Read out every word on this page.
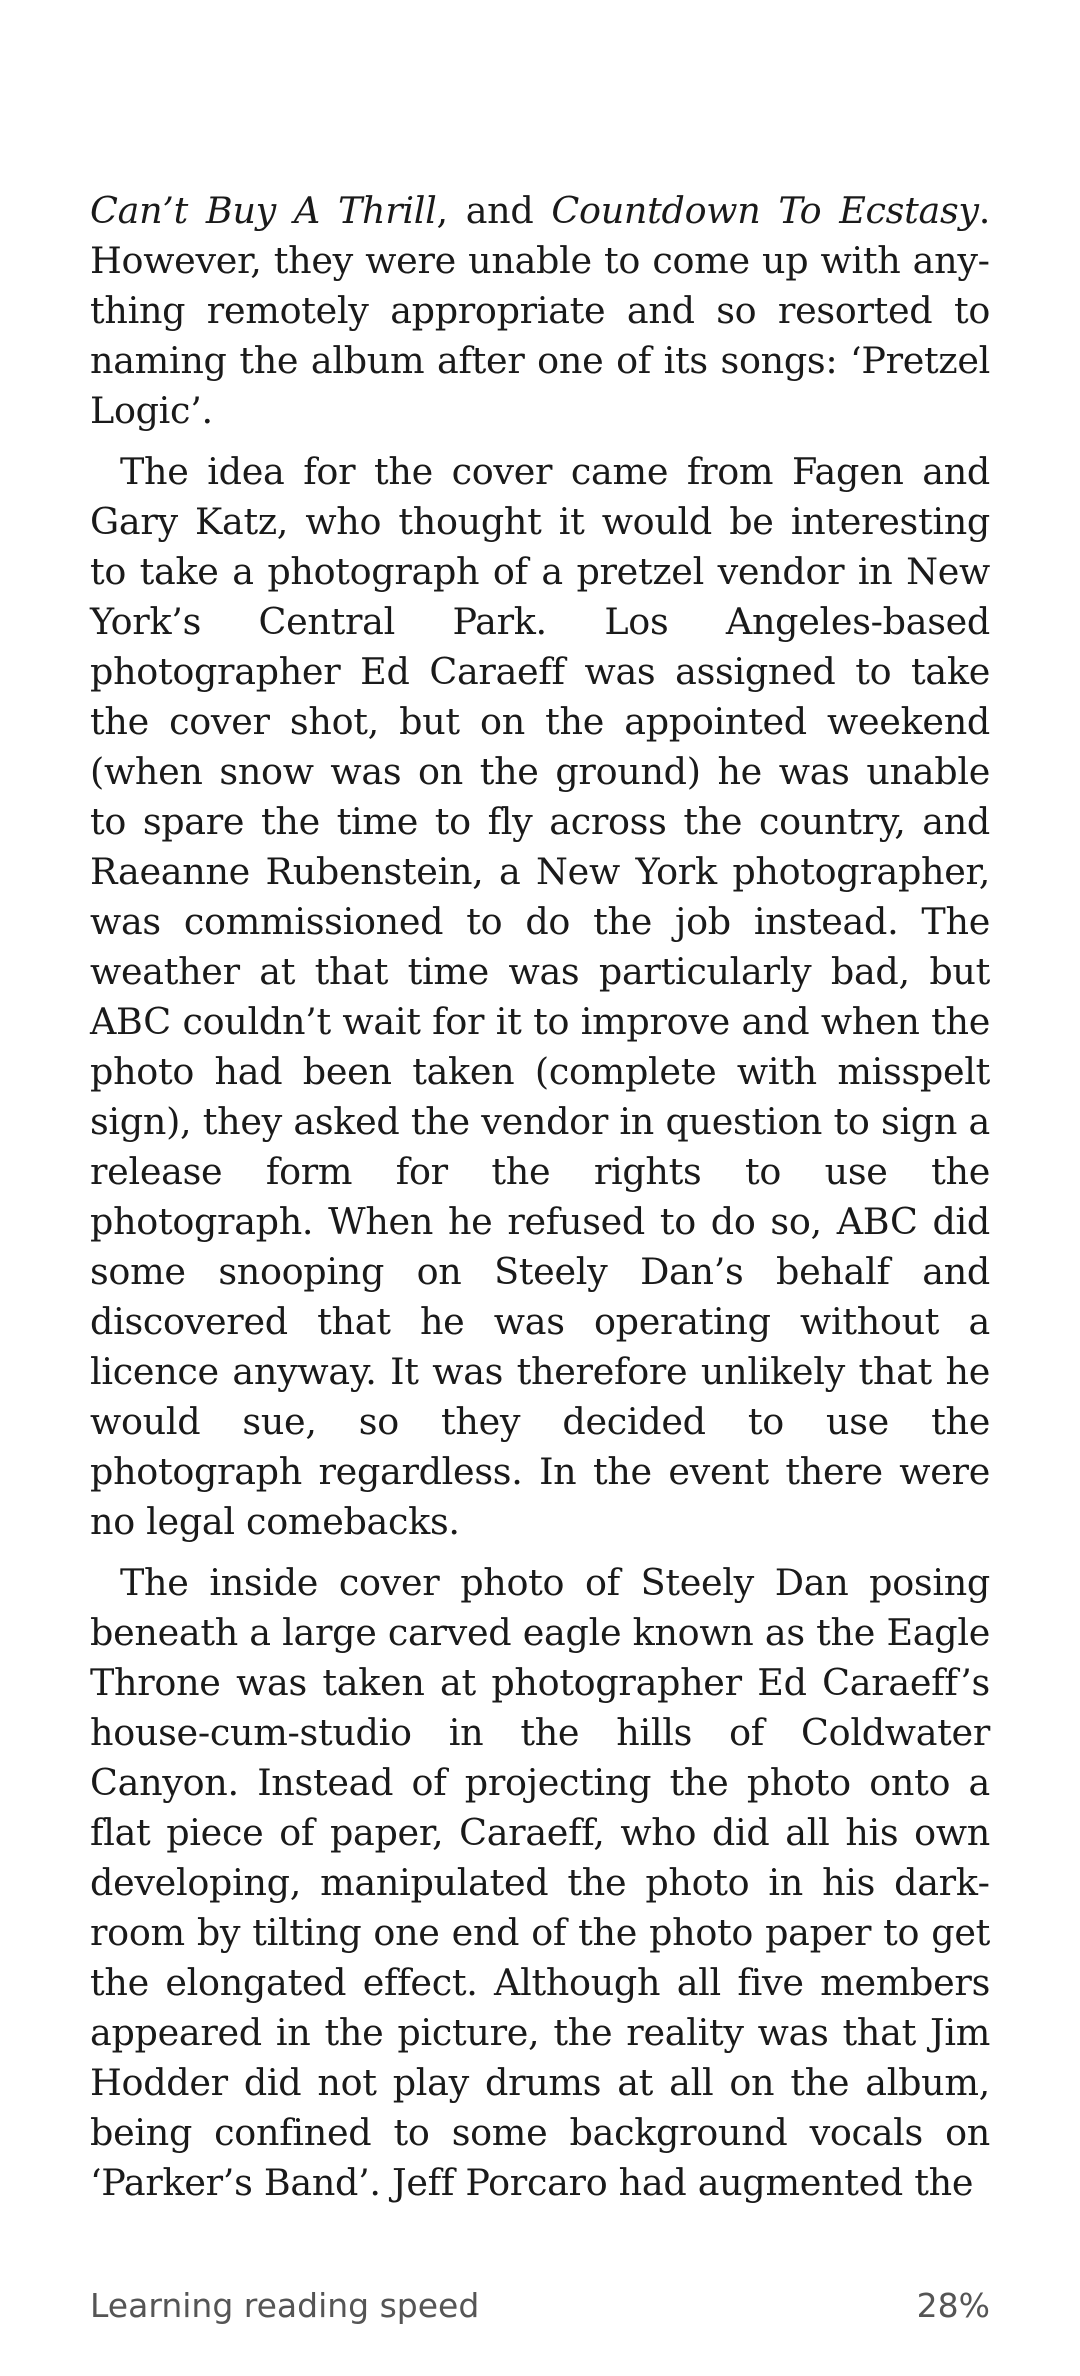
Can’t Buy A Thrill, and Countdown To Ecstasy. However, they were unable to come up with anything remotely appropriate and so resorted to naming the album after one of its songs: ‘Pretzel Logic’.

The idea for the cover came from Fagen and Gary Katz, who thought it would be interesting to take a photograph of a pretzel vendor in New York’s Central Park. Los Angeles-based photographer Ed Caraeff was assigned to take the cover shot, but on the appointed weekend (when snow was on the ground) he was unable to spare the time to fly across the country, and Raeanne Rubenstein, a New York photographer, was commissioned to do the job instead. The weather at that time was particularly bad, but ABC couldn’t wait for it to improve and when the photo had been taken (complete with misspelt sign), they asked the vendor in question to sign a release form for the rights to use the photograph. When he refused to do so, ABC did some snooping on Steely Dan’s behalf and discovered that he was operating without a licence anyway. It was therefore unlikely that he would sue, so they decided to use the photograph regardless. In the event there were no legal comebacks.

The inside cover photo of Steely Dan posing beneath a large carved eagle known as the Eagle Throne was taken at photographer Ed Caraeff’s house-cum-studio in the hills of Coldwater Canyon. Instead of projecting the photo onto a flat piece of paper, Caraeff, who did all his own developing, manipulated the photo in his darkroom by tilting one end of the photo paper to get the elongated effect. Although all five members appeared in the picture, the reality was that Jim Hodder did not play drums at all on the album, being confined to some background vocals on ‘Parker’s Band’. Jeff Porcaro had augmented the

Learning reading speed	28%
